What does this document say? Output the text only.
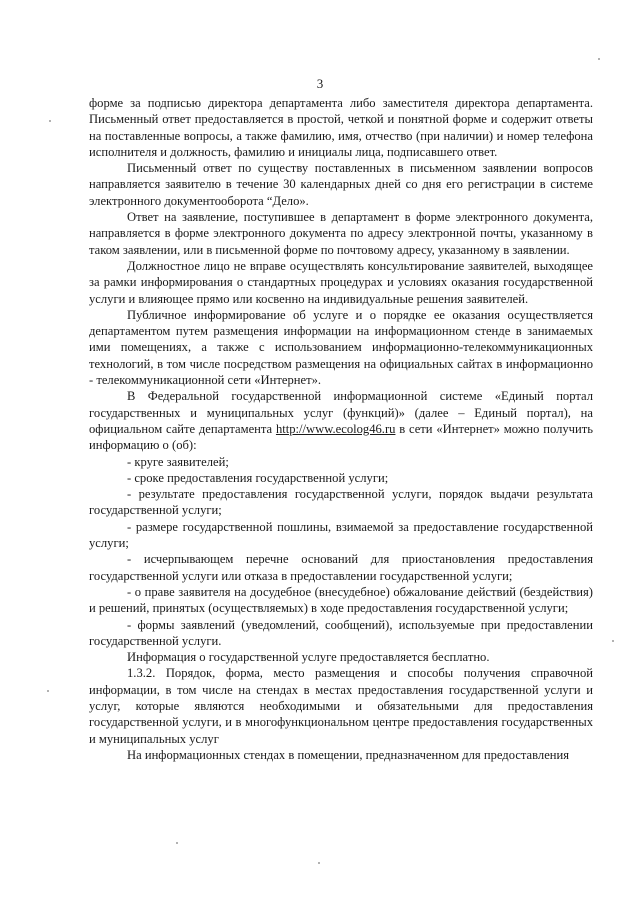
3

форме за подписью директора департамента либо заместителя директора департамента. Письменный ответ предоставляется в простой, четкой и понятной форме и содержит ответы на поставленные вопросы, а также фамилию, имя, отчество (при наличии) и номер телефона исполнителя и должность, фамилию и инициалы лица, подписавшего ответ.

Письменный ответ по существу поставленных в письменном заявлении вопросов направляется заявителю в течение 30 календарных дней со дня его регистрации в системе электронного документооборота “Дело».

Ответ на заявление, поступившее в департамент в форме электронного документа, направляется в форме электронного документа по адресу электронной почты, указанному в таком заявлении, или в письменной форме по почтовому адресу, указанному в заявлении.

Должностное лицо не вправе осуществлять консультирование заявителей, выходящее за рамки информирования о стандартных процедурах и условиях оказания государственной услуги и влияющее прямо или косвенно на индивидуальные решения заявителей.

Публичное информирование об услуге и о порядке ее оказания осуществляется департаментом путем размещения информации на информационном стенде в занимаемых ими помещениях, а также с использованием информационно-телекоммуникационных технологий, в том числе посредством размещения на официальных сайтах в информационно - телекоммуникационной сети «Интернет».

В Федеральной государственной информационной системе «Единый портал государственных и муниципальных услуг (функций)» (далее – Единый портал), на официальном сайте департамента http://www.ecolog46.ru в сети «Интернет» можно получить информацию о (об):

- круге заявителей;

- сроке предоставления государственной услуги;

- результате предоставления государственной услуги, порядок выдачи результата государственной услуги;

- размере государственной пошлины, взимаемой за предоставление государственной услуги;

- исчерпывающем перечне оснований для приостановления предоставления государственной услуги или отказа в предоставлении государственной услуги;

- о праве заявителя на досудебное (внесудебное) обжалование действий (бездействия) и решений, принятых (осуществляемых) в ходе предоставления государственной услуги;

- формы заявлений (уведомлений, сообщений), используемые при предоставлении государственной услуги.

Информация о государственной услуге предоставляется бесплатно.

1.3.2. Порядок, форма, место размещения и способы получения справочной информации, в том числе на стендах в местах предоставления государственной услуги и услуг, которые являются необходимыми и обязательными для предоставления государственной услуги, и в многофункциональном центре предоставления государственных и муниципальных услуг

На информационных стендах в помещении, предназначенном для предоставления
